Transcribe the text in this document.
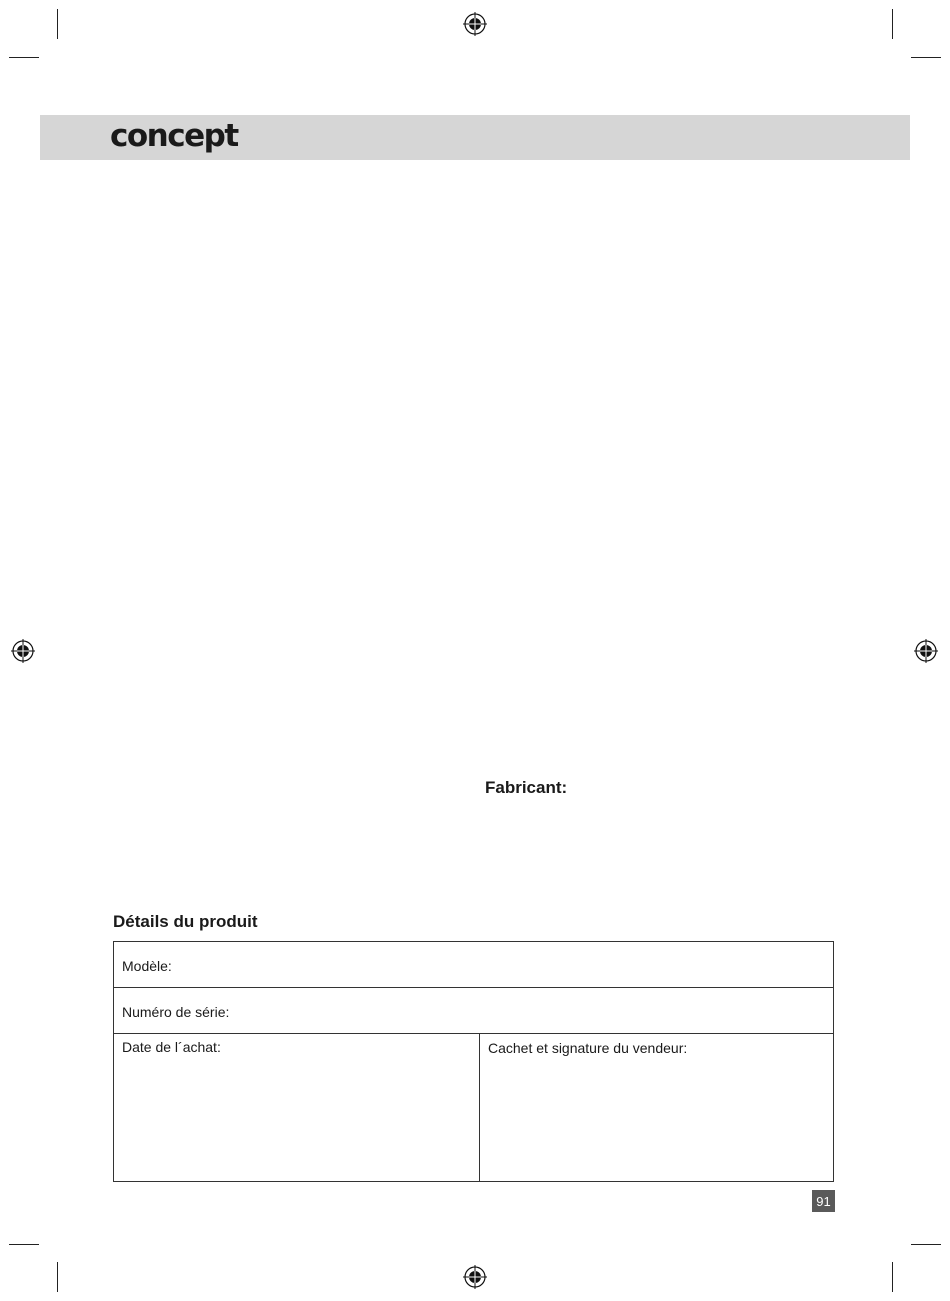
concept
Fabricant:
Détails du produit
Modèle:
Numéro de série:
Date de l´achat:	Cachet et signature du vendeur:
91
